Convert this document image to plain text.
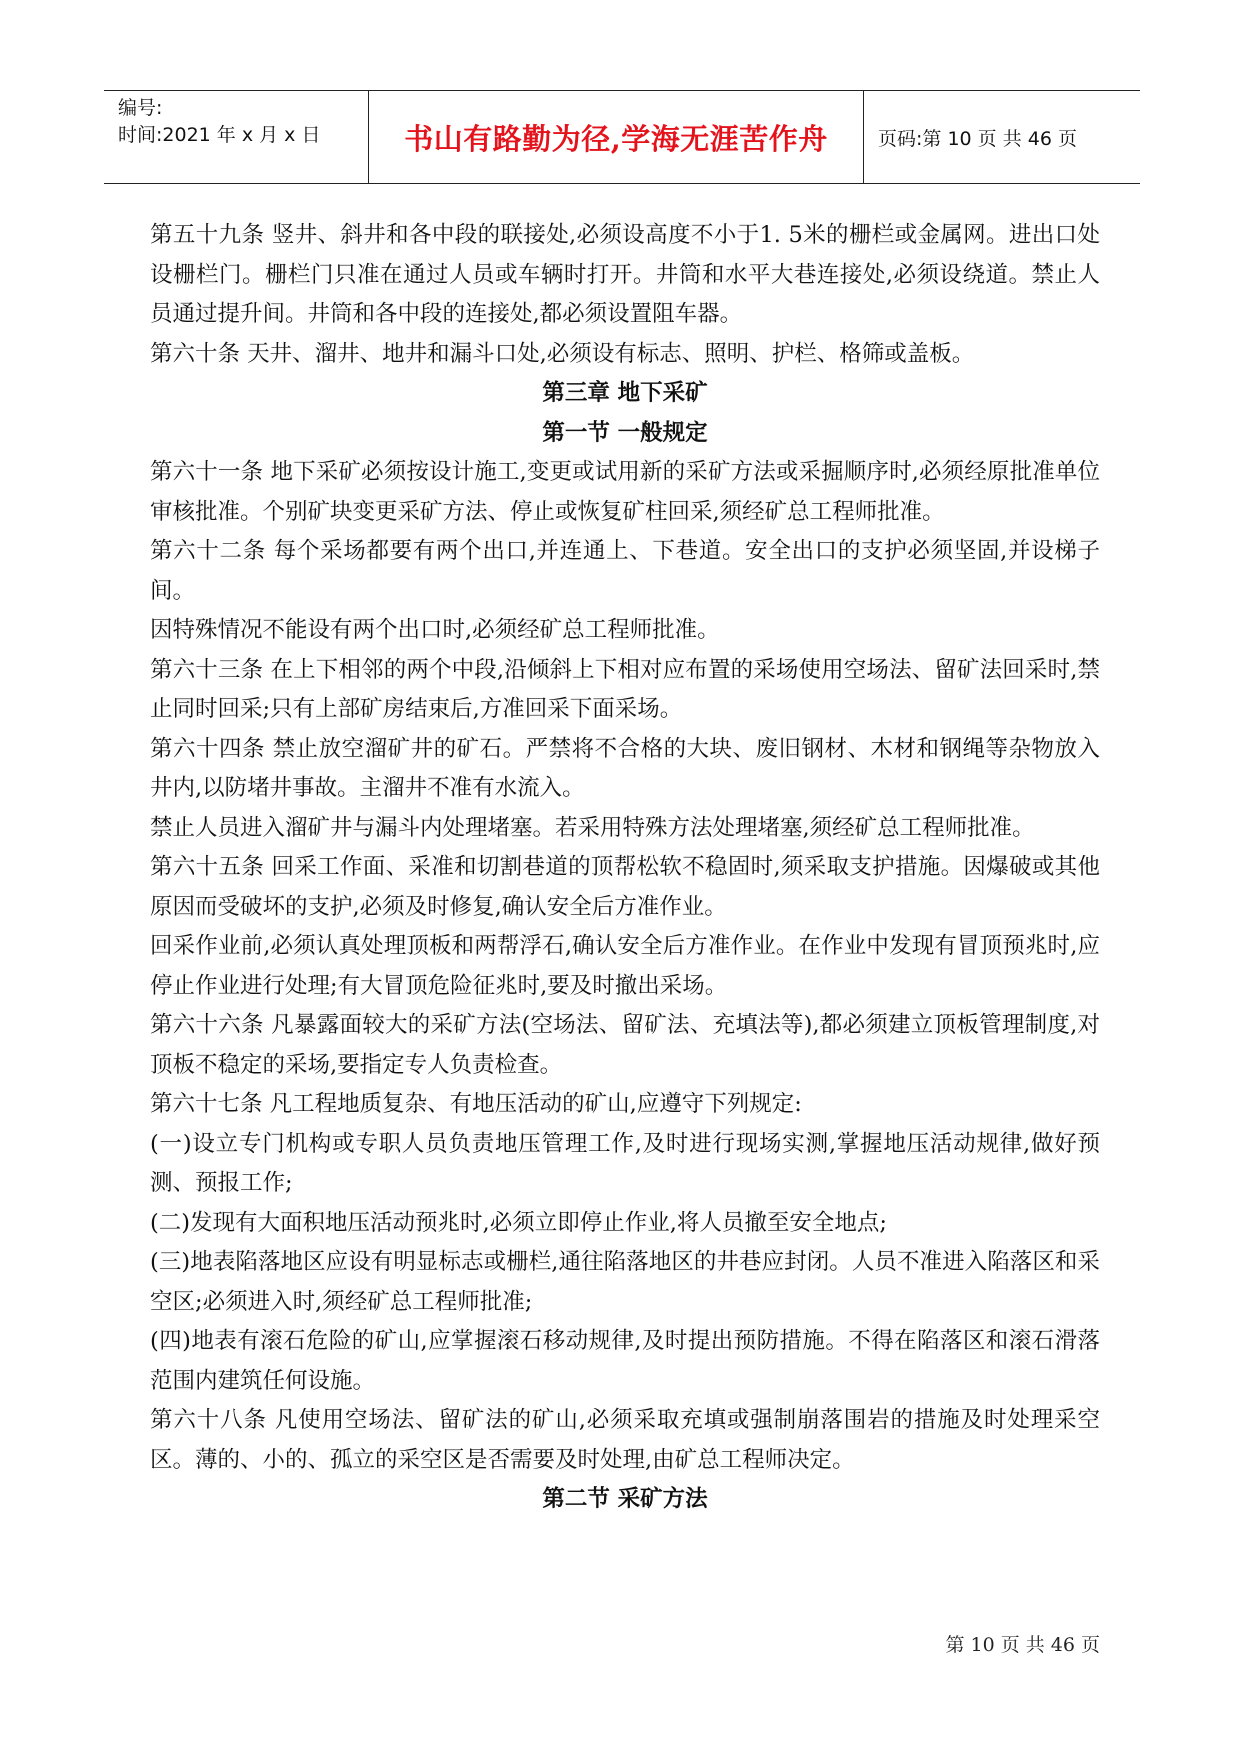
编号:
时间:2021 年 x 月 x 日	书山有路勤为径,学海无涯苦作舟	页码:第 10 页 共 46 页

第五十九条 竖井、斜井和各中段的联接处,必须设高度不小于1. 5米的栅栏或金属网。进出口处设栅栏门。栅栏门只准在通过人员或车辆时打开。井筒和水平大巷连接处,必须设绕道。禁止人员通过提升间。井筒和各中段的连接处,都必须设置阻车器。

第六十条 天井、溜井、地井和漏斗口处,必须设有标志、照明、护栏、格筛或盖板。

第三章 地下采矿

第一节 一般规定

第六十一条 地下采矿必须按设计施工,变更或试用新的采矿方法或采掘顺序时,必须经原批准单位审核批准。个别矿块变更采矿方法、停止或恢复矿柱回采,须经矿总工程师批准。

第六十二条 每个采场都要有两个出口,并连通上、下巷道。安全出口的支护必须坚固,并设梯子间。

因特殊情况不能设有两个出口时,必须经矿总工程师批准。

第六十三条 在上下相邻的两个中段,沿倾斜上下相对应布置的采场使用空场法、留矿法回采时,禁止同时回采;只有上部矿房结束后,方准回采下面采场。

第六十四条 禁止放空溜矿井的矿石。严禁将不合格的大块、废旧钢材、木材和钢绳等杂物放入井内,以防堵井事故。主溜井不准有水流入。

禁止人员进入溜矿井与漏斗内处理堵塞。若采用特殊方法处理堵塞,须经矿总工程师批准。

第六十五条 回采工作面、采准和切割巷道的顶帮松软不稳固时,须采取支护措施。因爆破或其他原因而受破坏的支护,必须及时修复,确认安全后方准作业。

回采作业前,必须认真处理顶板和两帮浮石,确认安全后方准作业。在作业中发现有冒顶预兆时,应停止作业进行处理;有大冒顶危险征兆时,要及时撤出采场。

第六十六条 凡暴露面较大的采矿方法(空场法、留矿法、充填法等),都必须建立顶板管理制度,对顶板不稳定的采场,要指定专人负责检查。

第六十七条 凡工程地质复杂、有地压活动的矿山,应遵守下列规定:

(一)设立专门机构或专职人员负责地压管理工作,及时进行现场实测,掌握地压活动规律,做好预测、预报工作;

(二)发现有大面积地压活动预兆时,必须立即停止作业,将人员撤至安全地点;

(三)地表陷落地区应设有明显标志或栅栏,通往陷落地区的井巷应封闭。人员不准进入陷落区和采空区;必须进入时,须经矿总工程师批准;

(四)地表有滚石危险的矿山,应掌握滚石移动规律,及时提出预防措施。不得在陷落区和滚石滑落范围内建筑任何设施。

第六十八条 凡使用空场法、留矿法的矿山,必须采取充填或强制崩落围岩的措施及时处理采空区。薄的、小的、孤立的采空区是否需要及时处理,由矿总工程师决定。

第二节 采矿方法

第 10 页 共 46 页
